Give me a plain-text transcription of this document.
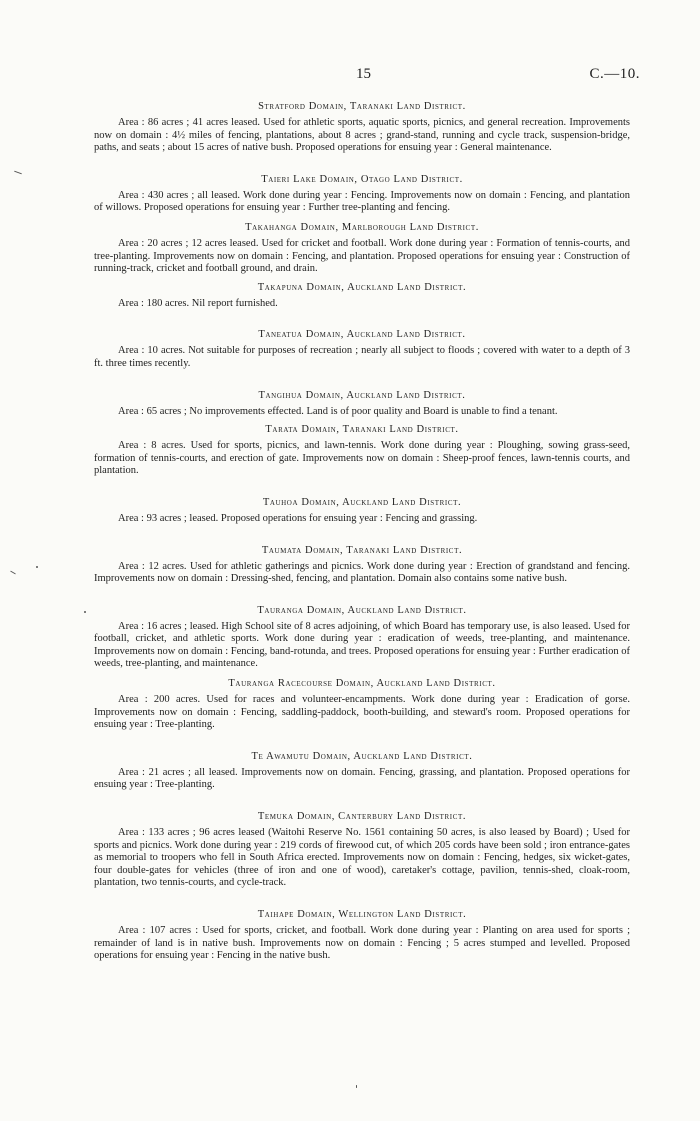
15	C.—10.
Stratford Domain, Taranaki Land District.

Area : 86 acres ; 41 acres leased. Used for athletic sports, aquatic sports, picnics, and general recreation. Improvements now on domain : 4½ miles of fencing, plantations, about 8 acres ; grand-stand, running and cycle track, suspension-bridge, paths, and seats ; about 15 acres of native bush. Proposed operations for ensuing year : General maintenance.

Taieri Lake Domain, Otago Land District.

Area : 430 acres ; all leased. Work done during year : Fencing. Improvements now on domain : Fencing, and plantation of willows. Proposed operations for ensuing year : Further tree-planting and fencing.

Takahanga Domain, Marlborough Land District.

Area : 20 acres ; 12 acres leased. Used for cricket and football. Work done during year : Formation of tennis-courts, and tree-planting. Improvements now on domain : Fencing, and plantation. Proposed operations for ensuing year : Construction of running-track, cricket and football ground, and drain.

Takapuna Domain, Auckland Land District.

Area : 180 acres. Nil report furnished.

Taneatua Domain, Auckland Land District.

Area : 10 acres. Not suitable for purposes of recreation ; nearly all subject to floods ; covered with water to a depth of 3 ft. three times recently.

Tangihua Domain, Auckland Land District.

Area : 65 acres ; No improvements effected. Land is of poor quality and Board is unable to find a tenant.

Tarata Domain, Taranaki Land District.

Area : 8 acres. Used for sports, picnics, and lawn-tennis. Work done during year : Ploughing, sowing grass-seed, formation of tennis-courts, and erection of gate. Improvements now on domain : Sheep-proof fences, lawn-tennis courts, and plantation.

Tauhoa Domain, Auckland Land District.

Area : 93 acres ; leased. Proposed operations for ensuing year : Fencing and grassing.

Taumata Domain, Taranaki Land District.

Area : 12 acres. Used for athletic gatherings and picnics. Work done during year : Erection of grandstand and fencing. Improvements now on domain : Dressing-shed, fencing, and plantation. Domain also contains some native bush.

Tauranga Domain, Auckland Land District.

Area : 16 acres ; leased. High School site of 8 acres adjoining, of which Board has temporary use, is also leased. Used for football, cricket, and athletic sports. Work done during year : eradication of weeds, tree-planting, and maintenance. Improvements now on domain : Fencing, band-rotunda, and trees. Proposed operations for ensuing year : Further eradication of weeds, tree-planting, and maintenance.

Tauranga Racecourse Domain, Auckland Land District.

Area : 200 acres. Used for races and volunteer-encampments. Work done during year : Eradication of gorse. Improvements now on domain : Fencing, saddling-paddock, booth-building, and steward's room. Proposed operations for ensuing year : Tree-planting.

Te Awamutu Domain, Auckland Land District.

Area : 21 acres ; all leased. Improvements now on domain. Fencing, grassing, and plantation. Proposed operations for ensuing year : Tree-planting.

Temuka Domain, Canterbury Land District.

Area : 133 acres ; 96 acres leased (Waitohi Reserve No. 1561 containing 50 acres, is also leased by Board) ; Used for sports and picnics. Work done during year : 219 cords of firewood cut, of which 205 cords have been sold ; iron entrance-gates as memorial to troopers who fell in South Africa erected. Improvements now on domain : Fencing, hedges, six wicket-gates, four double-gates for vehicles (three of iron and one of wood), caretaker's cottage, pavilion, tennis-shed, cloak-room, plantation, two tennis-courts, and cycle-track.

Taihape Domain, Wellington Land District.

Area : 107 acres : Used for sports, cricket, and football. Work done during year : Planting on area used for sports ; remainder of land is in native bush. Improvements now on domain : Fencing ; 5 acres stumped and levelled. Proposed operations for ensuing year : Fencing in the native bush.
